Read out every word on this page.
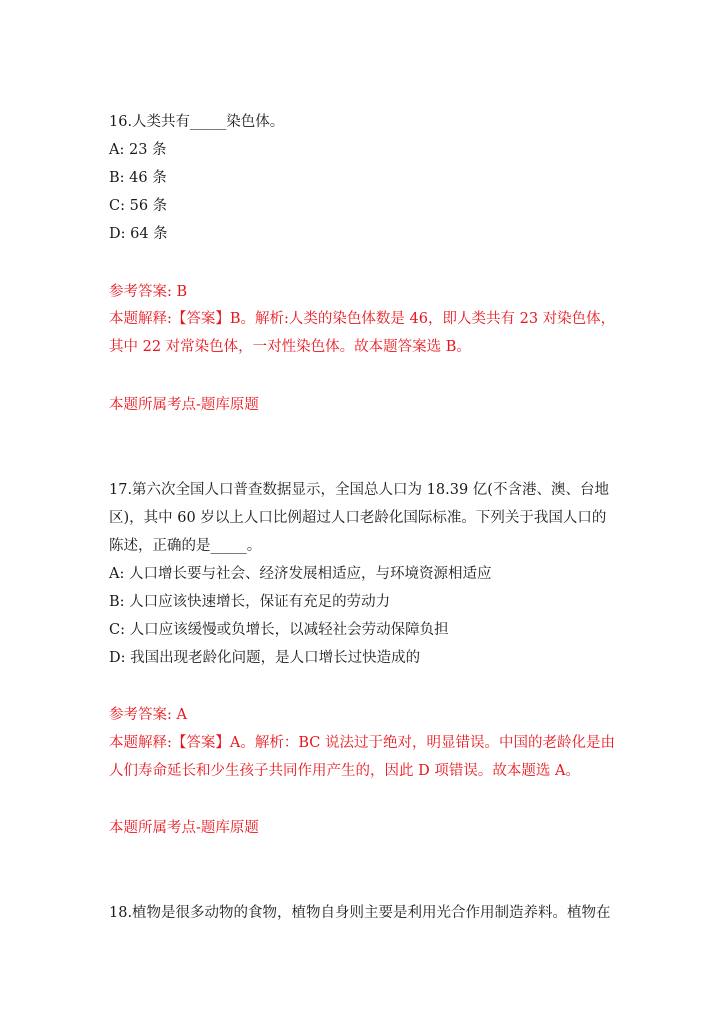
16.人类共有_____染色体。
A: 23 条
B: 46 条
C: 56 条
D: 64 条
参考答案: B
本题解释:【答案】B。解析:人类的染色体数是 46，即人类共有 23 对染色体，
其中 22 对常染色体，一对性染色体。故本题答案选 B。
本题所属考点-题库原题
17.第六次全国人口普查数据显示，全国总人口为 18.39 亿(不含港、澳、台地
区)，其中 60 岁以上人口比例超过人口老龄化国际标准。下列关于我国人口的
陈述，正确的是_____。
A: 人口增长要与社会、经济发展相适应，与环境资源相适应
B: 人口应该快速增长，保证有充足的劳动力
C: 人口应该缓慢或负增长，以减轻社会劳动保障负担
D: 我国出现老龄化问题，是人口增长过快造成的
参考答案: A
本题解释:【答案】A。解析：BC 说法过于绝对，明显错误。中国的老龄化是由
人们寿命延长和少生孩子共同作用产生的，因此 D 项错误。故本题选 A。
本题所属考点-题库原题
18.植物是很多动物的食物，植物自身则主要是利用光合作用制造养料。植物在
